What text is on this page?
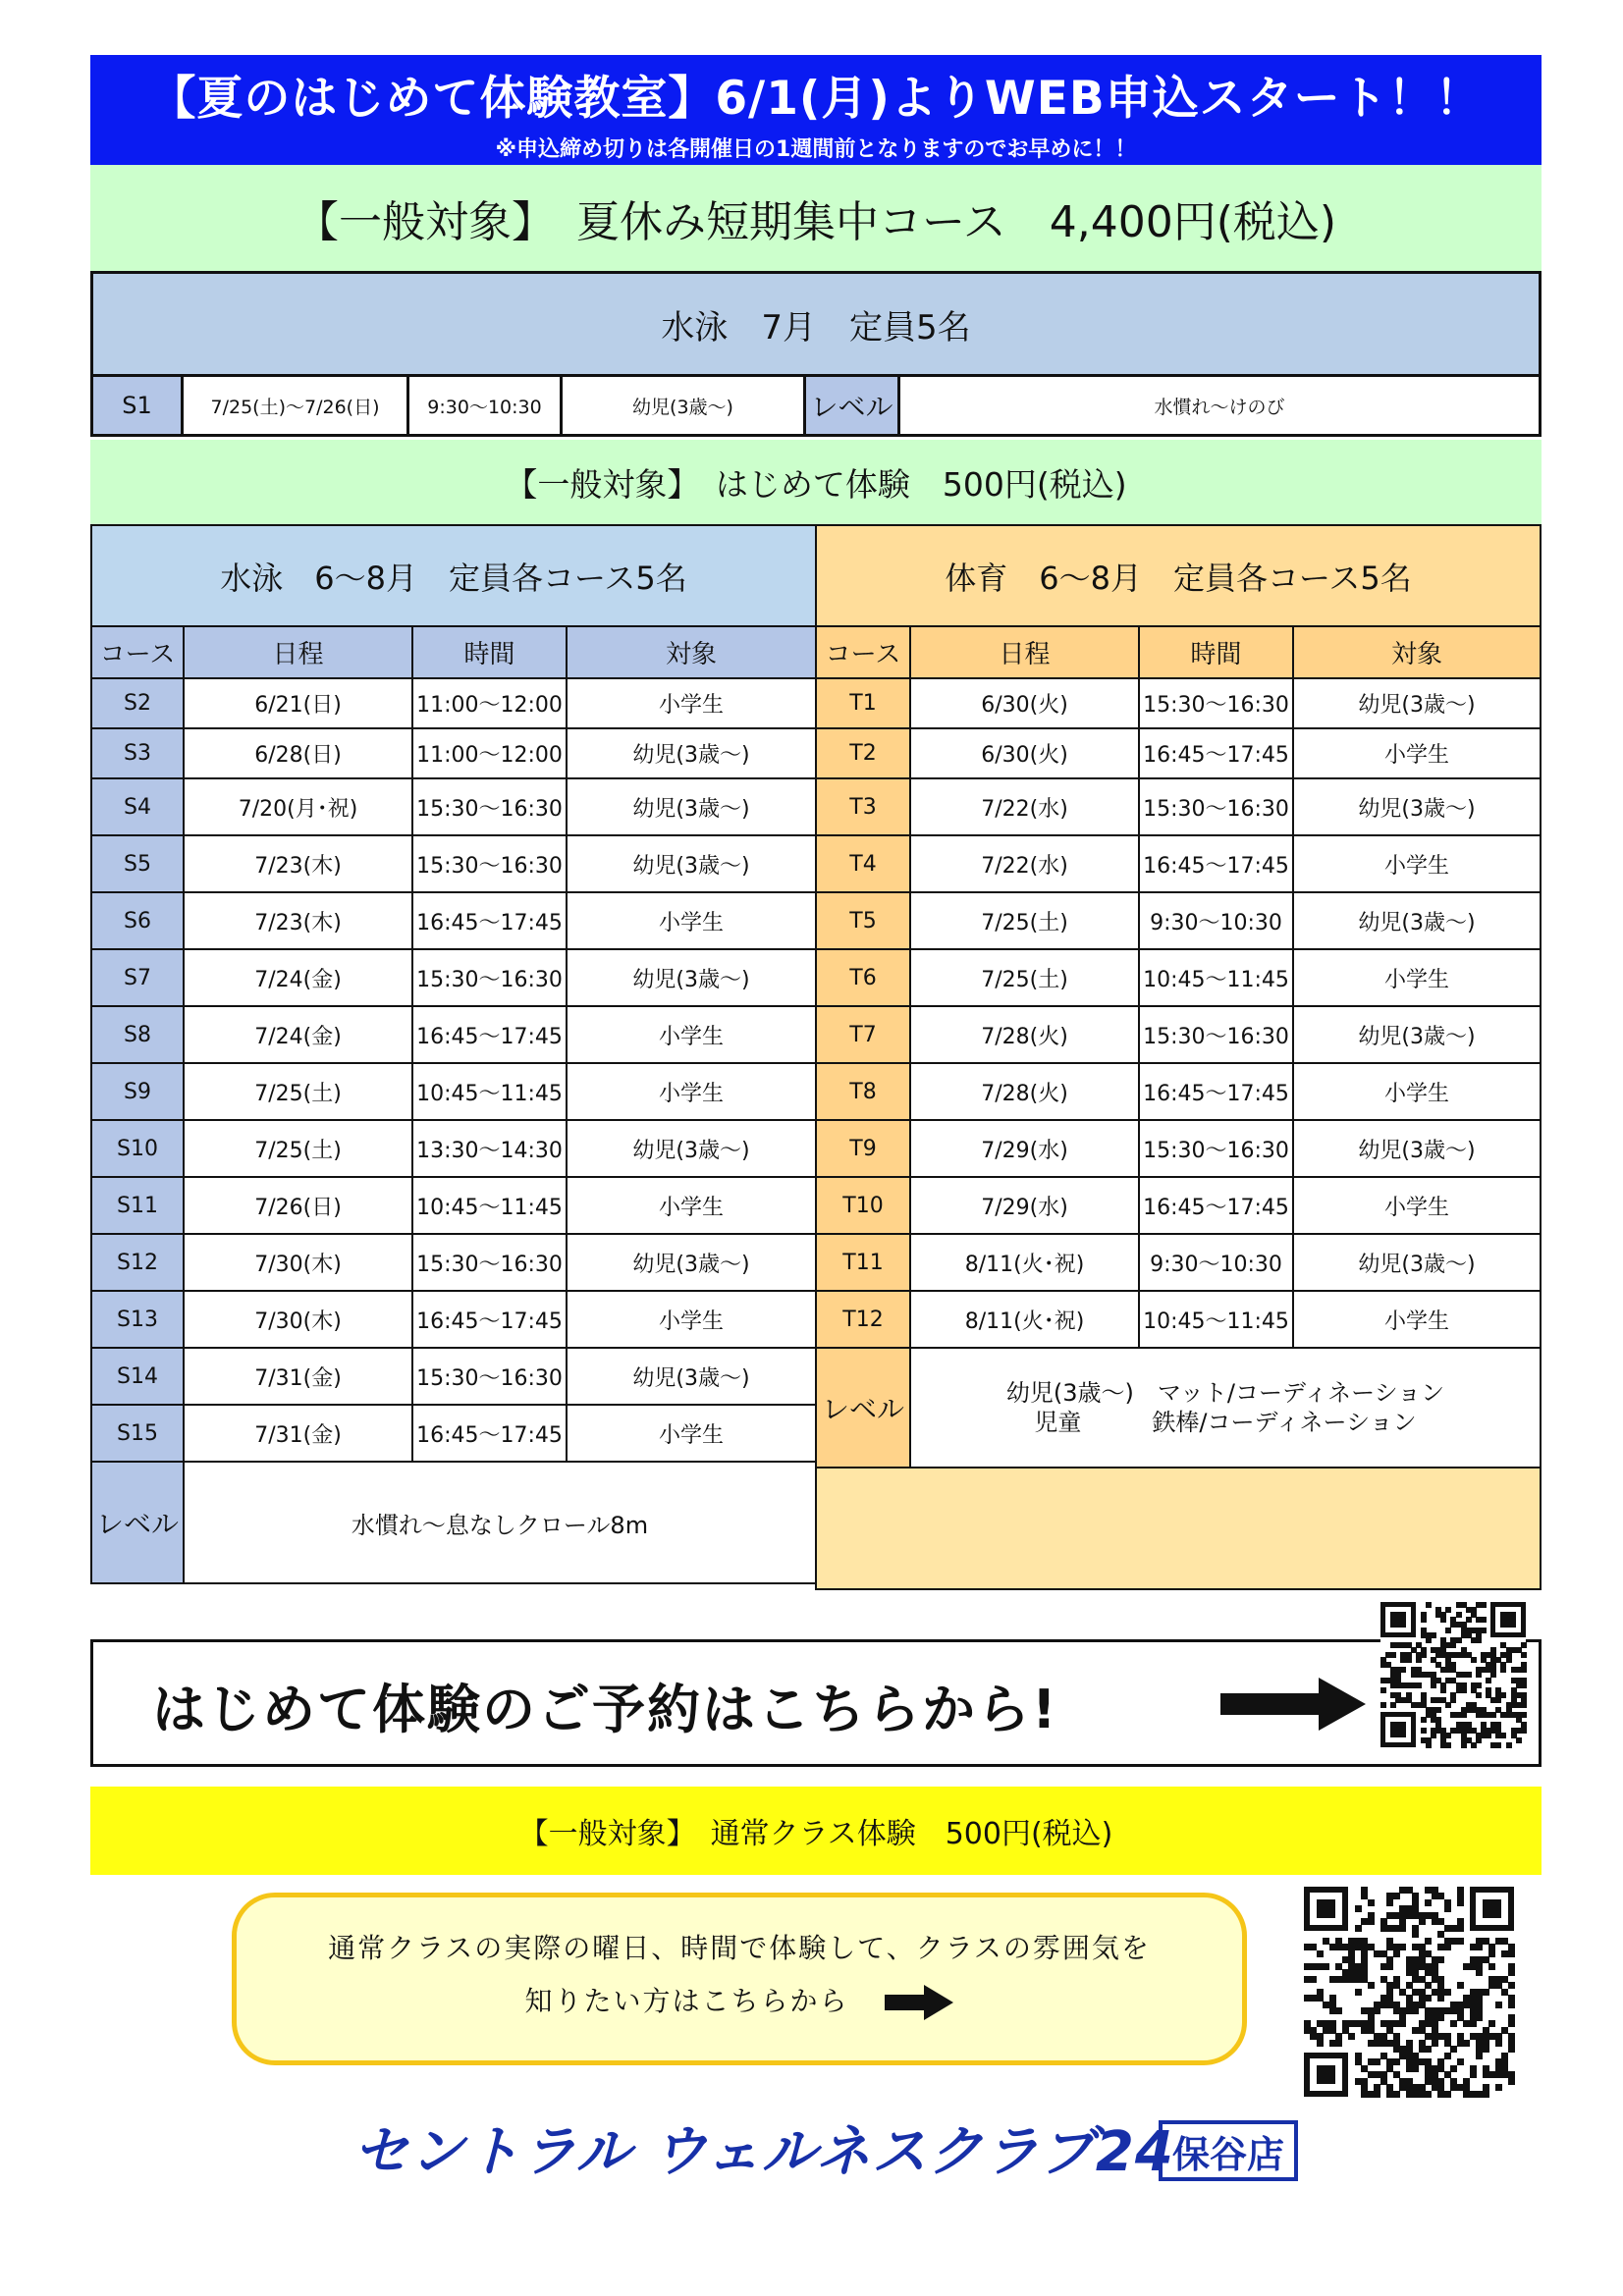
【夏のはじめて体験教室】6/1(月)よりWEB申込スタート！！
※申込締め切りは各開催日の1週間前となりますのでお早めに！！
【一般対象】　夏休み短期集中コース　4,400円(税込)
水泳　7月　定員5名
S1	7/25(土)～7/26(日)	9:30～10:30	幼児(3歳～)	レベル	水慣れ～けのび
【一般対象】　はじめて体験　500円(税込)
水泳　6～8月　定員各コース5名			
コース	日程	時間	対象
S2	6/21(日)	11:00～12:00	小学生
S3	6/28(日)	11:00～12:00	幼児(3歳～)
S4	7/20(月･祝)	15:30～16:30	幼児(3歳～)
S5	7/23(木)	15:30～16:30	幼児(3歳～)
S6	7/23(木)	16:45～17:45	小学生
S7	7/24(金)	15:30～16:30	幼児(3歳～)
S8	7/24(金)	16:45～17:45	小学生
S9	7/25(土)	10:45～11:45	小学生
S10	7/25(土)	13:30～14:30	幼児(3歳～)
S11	7/26(日)	10:45～11:45	小学生
S12	7/30(木)	15:30～16:30	幼児(3歳～)
S13	7/30(木)	16:45～17:45	小学生
S14	7/31(金)	15:30～16:30	幼児(3歳～)
S15	7/31(金)	16:45～17:45	小学生
レベル	水慣れ～息なしクロール8m		
体育　6～8月　定員各コース5名			
コース	日程	時間	対象
T1	6/30(火)	15:30～16:30	幼児(3歳～)
T2	6/30(火)	16:45～17:45	小学生
T3	7/22(水)	15:30～16:30	幼児(3歳～)
T4	7/22(水)	16:45～17:45	小学生
T5	7/25(土)	9:30～10:30	幼児(3歳～)
T6	7/25(土)	10:45～11:45	小学生
T7	7/28(火)	15:30～16:30	幼児(3歳～)
T8	7/28(火)	16:45～17:45	小学生
T9	7/29(水)	15:30～16:30	幼児(3歳～)
T10	7/29(水)	16:45～17:45	小学生
T11	8/11(火･祝)	9:30～10:30	幼児(3歳～)
T12	8/11(火･祝)	10:45～11:45	小学生
レベル	幼児(3歳～)　マット/コーディネーション
児童　　　鉄棒/コーディネーション		

はじめて体験のご予約はこちらから!
【一般対象】　通常クラス体験　500円(税込)
通常クラスの実際の曜日、時間で体験して、クラスの雰囲気を
知りたい方はこちらから
セントラル ウェルネスクラブ24
保谷店
